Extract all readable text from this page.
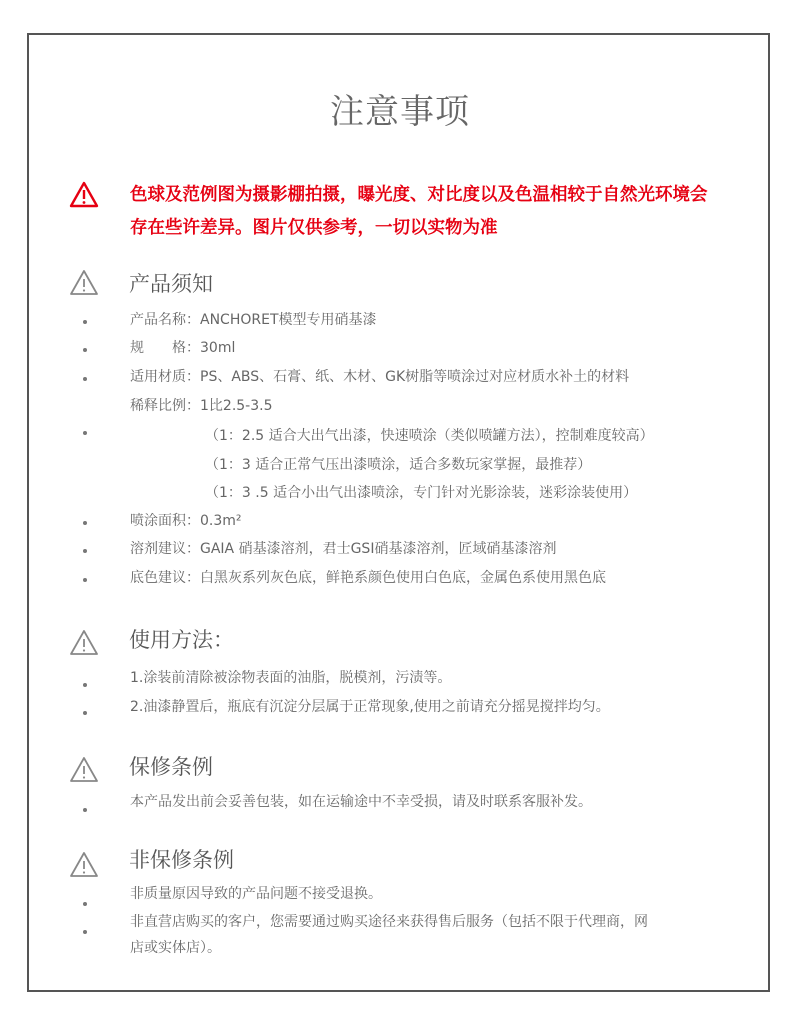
注意事项
色球及范例图为摄影棚拍摄，曝光度、对比度以及色温相较于自然光环境会
存在些许差异。图片仅供参考，一切以实物为准
产品须知
产品名称：ANCHORET模型专用硝基漆
规　　格：30ml
适用材质：PS、ABS、石膏、纸、木材、GK树脂等喷涂过对应材质水补土的材料
稀释比例：1比2.5-3.5
（1：2.5 适合大出气出漆，快速喷涂（类似喷罐方法），控制难度较高）
（1：3 适合正常气压出漆喷涂，适合多数玩家掌握，最推荐）
（1：3 .5 适合小出气出漆喷涂，专门针对光影涂装，迷彩涂装使用）
喷涂面积：0.3m²
溶剂建议：GAIA 硝基漆溶剂，君士GSI硝基漆溶剂，匠域硝基漆溶剂
底色建议：白黑灰系列灰色底，鲜艳系颜色使用白色底，金属色系使用黑色底
使用方法：
1.涂装前清除被涂物表面的油脂，脱模剂，污渍等。
2.油漆静置后，瓶底有沉淀分层属于正常现象,使用之前请充分摇晃搅拌均匀。
保修条例
本产品发出前会妥善包装，如在运输途中不幸受损，请及时联系客服补发。
非保修条例
非质量原因导致的产品问题不接受退换。
非直营店购买的客户，您需要通过购买途径来获得售后服务（包括不限于代理商，网
店或实体店）。
